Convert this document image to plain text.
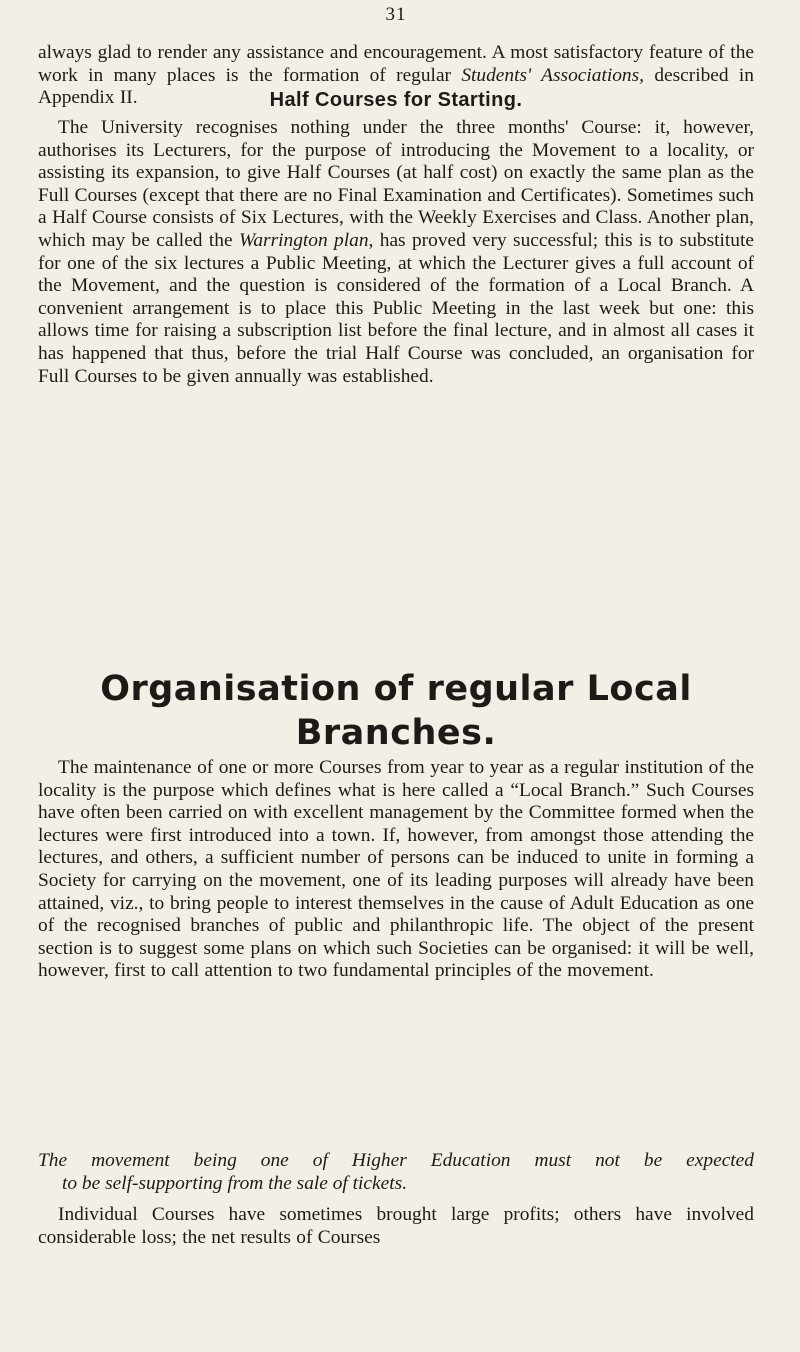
31

always glad to render any assistance and encouragement. A most satisfactory feature of the work in many places is the formation of regular Students' Associations, described in Appendix II.	Half Courses for Starting.

The University recognises nothing under the three months' Course: it, however, authorises its Lecturers, for the purpose of introducing the Movement to a locality, or assisting its expansion, to give Half Courses (at half cost) on exactly the same plan as the Full Courses (except that there are no Final Examination and Certificates). Sometimes such a Half Course consists of Six Lectures, with the Weekly Exercises and Class. Another plan, which may be called the Warrington plan, has proved very successful; this is to substitute for one of the six lectures a Public Meeting, at which the Lecturer gives a full account of the Movement, and the question is considered of the formation of a Local Branch. A convenient arrangement is to place this Public Meeting in the last week but one: this allows time for raising a subscription list before the final lecture, and in almost all cases it has happened that thus, before the trial Half Course was concluded, an organisation for Full Courses to be given annually was established.

Organisation of regular Local
Branches.

The maintenance of one or more Courses from year to year as a regular institution of the locality is the purpose which defines what is here called a “Local Branch.” Such Courses have often been carried on with excellent management by the Committee formed when the lectures were first introduced into a town. If, however, from amongst those attending the lectures, and others, a sufficient number of persons can be induced to unite in forming a Society for carrying on the movement, one of its leading purposes will already have been attained, viz., to bring people to interest themselves in the cause of Adult Education as one of the recognised branches of public and philanthropic life. The object of the present section is to suggest some plans on which such Societies can be organised: it will be well, however, first to call attention to two fundamental principles of the movement.

The movement being one of Higher Education must not be expected
to be self-supporting from the sale of tickets.

Individual Courses have sometimes brought large profits; others have involved considerable loss; the net results of Courses
